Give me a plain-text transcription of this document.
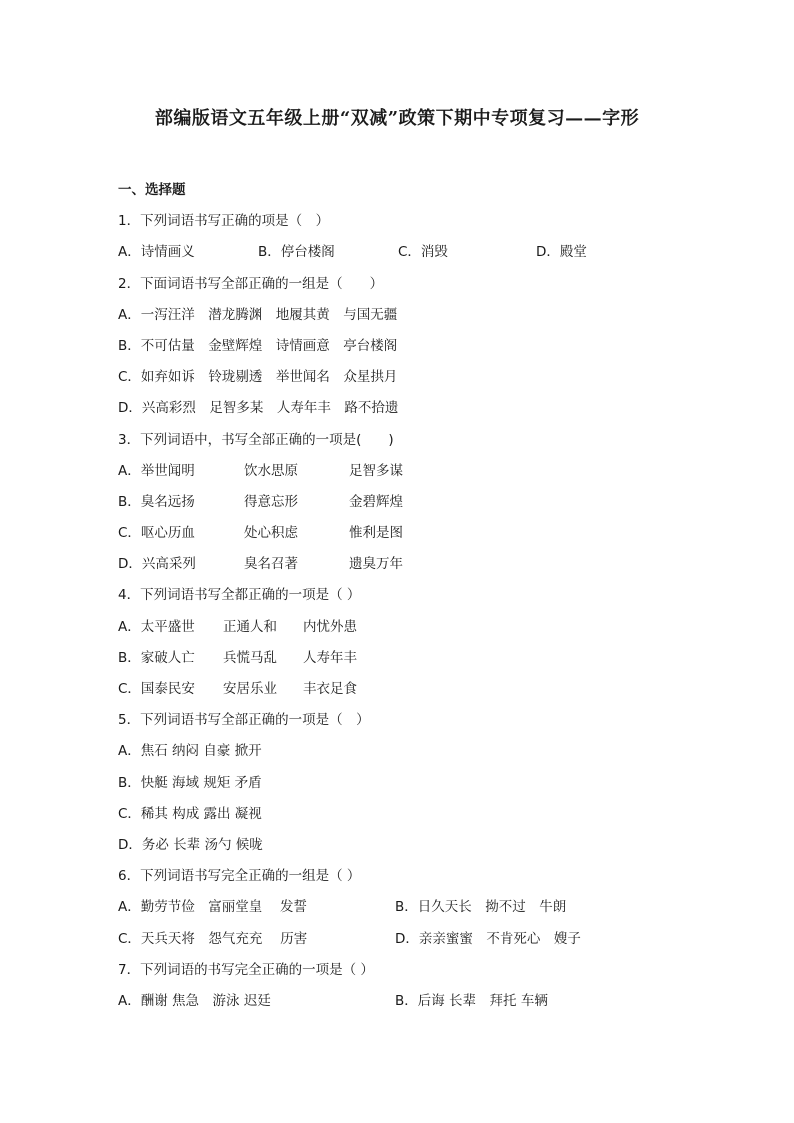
部编版语文五年级上册“双减”政策下期中专项复习——字形
一、选择题
1．下列词语书写正确的项是（　）
A．诗情画义	B．停台楼阁	C．消毁	D．殿堂
2．下面词语书写全部正确的一组是（　　）
A．一泻汪洋　潜龙腾渊　地履其黄　与国无疆
B．不可估量　金壁辉煌　诗情画意　亭台楼阁
C．如弃如诉　铃珑剔透　举世闻名　众星拱月
D．兴高彩烈　足智多某　人寿年丰　路不拾遗
3．下列词语中，书写全部正确的一项是(　　)
A．举世闻明	饮水思原	足智多谋
B．臭名远扬	得意忘形	金碧辉煌
C．呕心历血	处心积虑	惟利是图
D．兴高采列	臭名召著	遗臭万年
4．下列词语书写全都正确的一项是（ ）
A．太平盛世 正通人和 内忧外患
B．家破人亡 兵慌马乱 人寿年丰
C．国泰民安 安居乐业 丰衣足食
5．下列词语书写全部正确的一项是（　）
A．焦石 纳闷 自豪 掀开
B．快艇 海域 规矩 矛盾
C．稀其 构成 露出 凝视
D．务必 长辈 汤勺 候咙
6．下列词语书写完全正确的一组是（ ）
A．勤劳节俭　富丽堂皇　 发誓	B．日久天长　拗不过　牛朗
C．天兵天将　怨气充充　 历害	D．亲亲蜜蜜　不肯死心　嫂子
7．下列词语的书写完全正确的一项是（ ）
A．酬谢 焦急　游泳 迟廷	B．后诲 长辈　拜托 车辆
